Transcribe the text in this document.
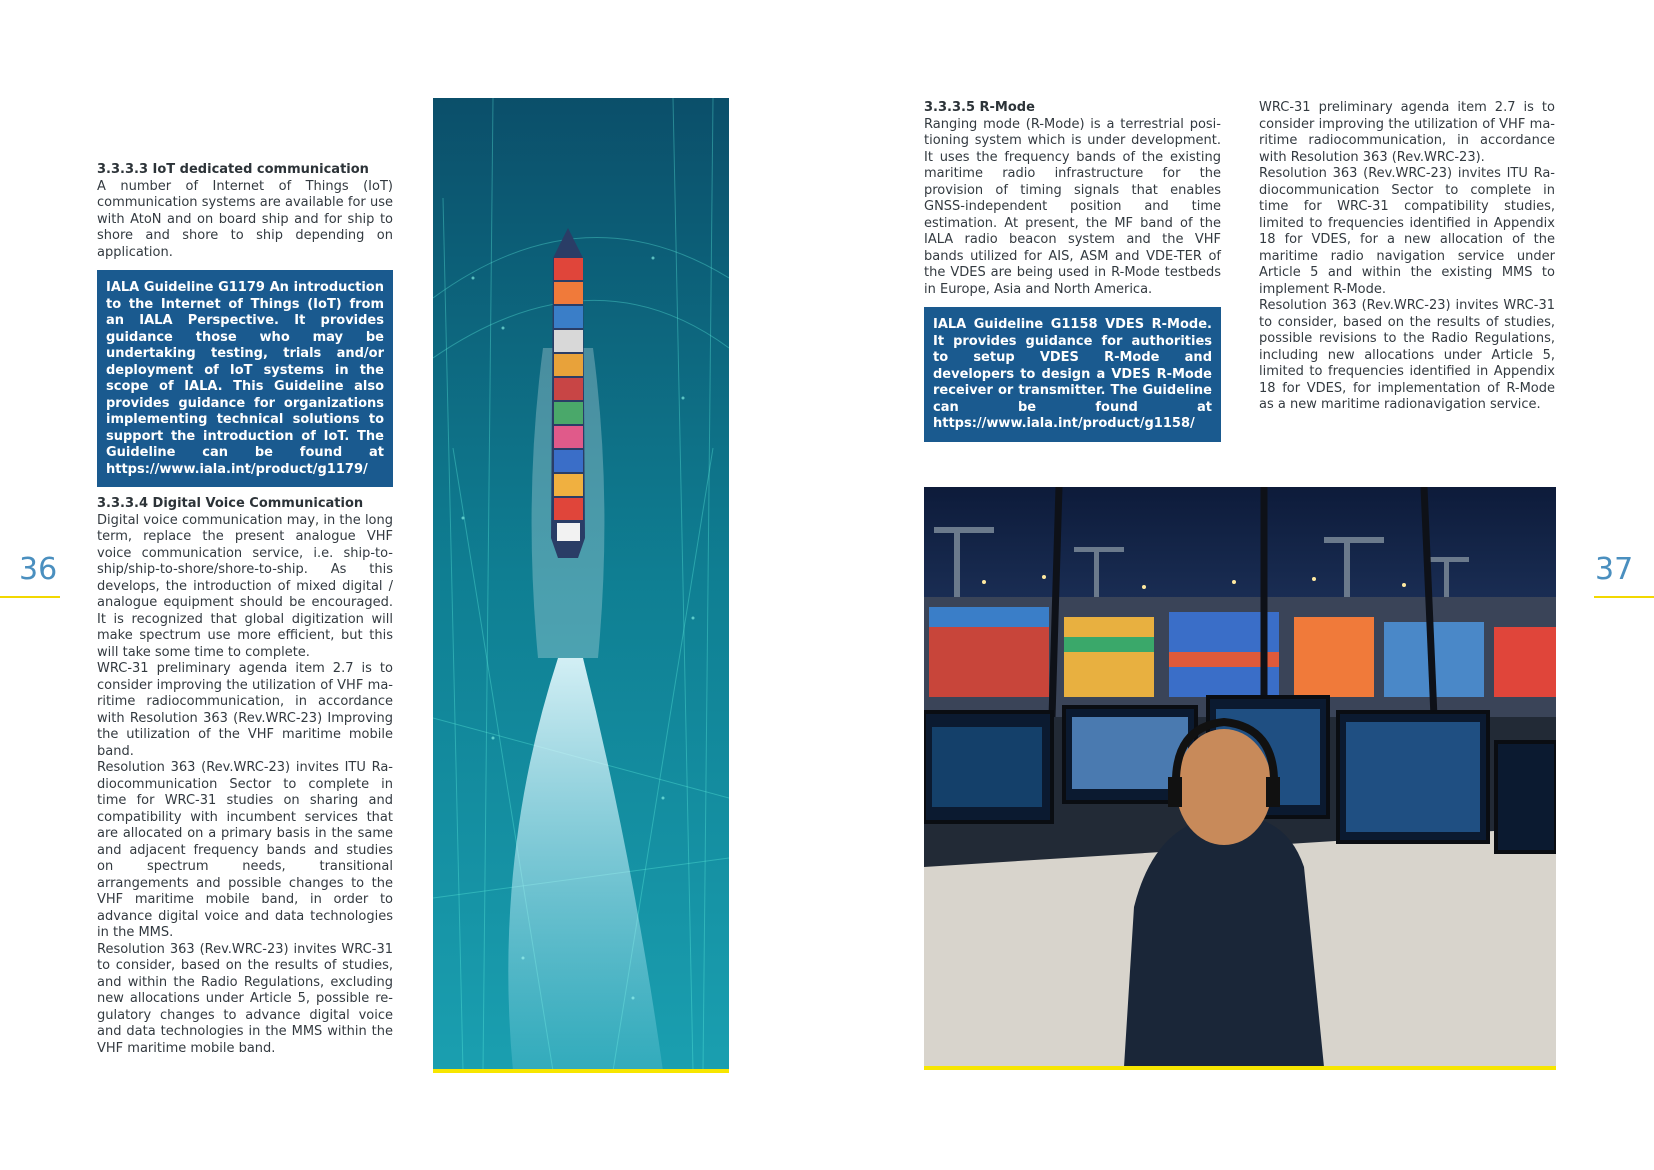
36	37
3.3.3.3 IoT dedicated communication

A number of Internet of Things (IoT) communication systems are available for use with AtoN and on board ship and for ship to shore and shore to ship depending on application.

IALA Guideline G1179 An introduction to the Internet of Things (IoT) from an IALA Perspective. It provides guidance those who may be undertaking testing, trials and/or deployment of IoT systems in the scope of IALA. This Guideline also provides guidance for organizations implementing technical solutions to support the introduction of IoT. The Guideline can be found at https://www.iala.int/product/g1179/
3.3.3.4 Digital Voice Communication

Digital voice communication may, in the long term, replace the present analogue VHF voice communication service, i.e. ship-to-ship/ship-to-shore/shore-to-ship. As this develops, the introduction of mixed digital / analogue equipment should be encouraged. It is recognized that global digitization will make spectrum use more efficient, but this will take some time to complete.

WRC-31 preliminary agenda item 2.7 is to consider improving the utilization of VHF maritime radiocommunication, in accordance with Resolution 363 (Rev.WRC-23) Improving the utilization of the VHF maritime mobile band.

Resolution 363 (Rev.WRC-23) invites ITU Radiocommunication Sector to complete in time for WRC-31 studies on sharing and compatibility with incumbent services that are allocated on a primary basis in the same and adjacent frequency bands and studies on spectrum needs, transitional arrangements and possible changes to the VHF maritime mobile band, in order to advance digital voice and data technologies in the MMS.

Resolution 363 (Rev.WRC-23) invites WRC-31 to consider, based on the results of studies, and within the Radio Regulations, excluding new allocations under Article 5, possible regulatory changes to advance digital voice and data technologies in the MMS within the VHF maritime mobile band.

3.3.3.5 R-Mode

Ranging mode (R-Mode) is a terrestrial positioning system which is under development. It uses the frequency bands of the existing maritime radio infrastructure for the provision of timing signals that enables GNSS-independent position and time estimation. At present, the MF band of the IALA radio beacon system and the VHF bands utilized for AIS, ASM and VDE-TER of the VDES are being used in R-Mode testbeds in Europe, Asia and North America.

IALA Guideline G1158 VDES R-Mode. It provides guidance for authorities to setup VDES R-Mode and developers to design a VDES R-Mode receiver or transmitter. The Guideline can be found at https://www.iala.int/product/g1158/

WRC-31 preliminary agenda item 2.7 is to consider improving the utilization of VHF maritime radiocommunication, in accordance with Resolution 363 (Rev.WRC-23).

Resolution 363 (Rev.WRC-23) invites ITU Radiocommunication Sector to complete in time for WRC-31 compatibility studies, limited to frequencies identified in Appendix 18 for VDES, for a new allocation of the maritime radio navigation service under Article 5 and within the existing MMS to implement R-Mode.

Resolution 363 (Rev.WRC-23) invites WRC-31 to consider, based on the results of studies, possible revisions to the Radio Regulations, including new allocations under Article 5, limited to frequencies identified in Appendix 18 for VDES, for implementation of R-Mode as a new maritime radionavigation service.
